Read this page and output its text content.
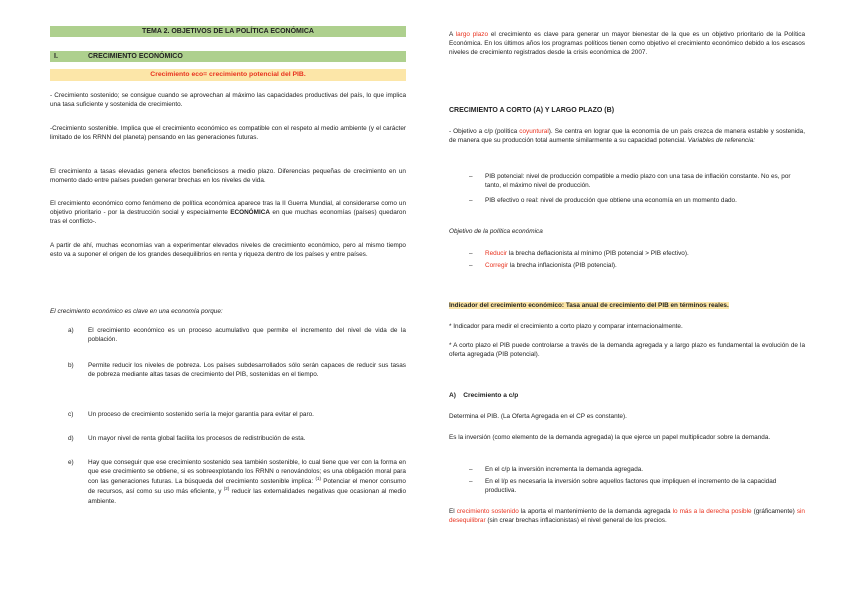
TEMA 2. OBJETIVOS DE LA POLÍTICA ECONÓMICA
I.	CRECIMIENTO ECONÓMICO
Crecimiento eco= crecimiento potencial del PIB.
- Crecimiento sostenido; se consigue cuando se aprovechan al máximo las capacidades productivas del país, lo que implica una tasa suficiente y sostenida de crecimiento.
-Crecimiento sostenible. Implica que el crecimiento económico es compatible con el respeto al medio ambiente (y el carácter limitado de los RRNN del planeta) pensando en las generaciones futuras.
El crecimiento a tasas elevadas genera efectos beneficiosos a medio plazo. Diferencias pequeñas de crecimiento en un momento dado entre países pueden generar brechas en los niveles de vida.
El crecimiento económico como fenómeno de política económica aparece tras la II Guerra Mundial, al considerarse como un objetivo prioritario - por la destrucción social y especialmente ECONÓMICA en que muchas economías (países) quedaron tras el conflicto-.
A partir de ahí, muchas economías van a experimentar elevados niveles de crecimiento económico, pero al mismo tiempo esto va a suponer el origen de los grandes desequilibrios en renta y riqueza dentro de los países y entre países.
El crecimiento económico es clave en una economía porque:
a) El crecimiento económico es un proceso acumulativo que permite el incremento del nivel de vida de la población.
b) Permite reducir los niveles de pobreza. Los países subdesarrollados sólo serán capaces de reducir sus tasas de pobreza mediante altas tasas de crecimiento del PIB, sostenidas en el tiempo.
c) Un proceso de crecimiento sostenido sería la mejor garantía para evitar el paro.
d) Un mayor nivel de renta global facilita los procesos de redistribución de esta.
e) Hay que conseguir que ese crecimiento sostenido sea también sostenible, lo cual tiene que ver con la forma en que ese crecimiento se obtiene, si es sobreexplotando los RRNN o renovándolos; es una obligación moral para con las generaciones futuras. La búsqueda del crecimiento sostenible implica: $^{(1)}$ Potenciar el menor consumo de recursos, así como su uso más eficiente, y $^{(2)}$ reducir las externalidades negativas que ocasionan al medio ambiente.
A largo plazo el crecimiento es clave para generar un mayor bienestar de la que es un objetivo prioritario de la Política Económica. En los últimos años los programas políticos tienen como objetivo el crecimiento económico debido a los escasos niveles de crecimiento registrados desde la crisis económica de 2007.
CRECIMIENTO A CORTO (A) Y LARGO PLAZO (B)
- Objetivo a c/p (política coyuntural). Se centra en lograr que la economía de un país crezca de manera estable y sostenida, de manera que su producción total aumente similarmente a su capacidad potencial. Variables de referencia:
– PIB potencial: nivel de producción compatible a medio plazo con una tasa de inflación constante. No es, por tanto, el máximo nivel de producción.
– PIB efectivo o real: nivel de producción que obtiene una economía en un momento dado.
Objetivo de la política económica
– Reducir la brecha deflacionista al mínimo (PIB potencial > PIB efectivo).
– Corregir la brecha inflacionista (PIB potencial).
Indicador del crecimiento económico: Tasa anual de crecimiento del PIB en términos reales.
* Indicador para medir el crecimiento a corto plazo y comparar internacionalmente.
* A corto plazo el PIB puede controlarse a través de la demanda agregada y a largo plazo es fundamental la evolución de la oferta agregada (PIB potencial).
A) Crecimiento a c/p
Determina el PIB. (La Oferta Agregada en el CP es constante).
Es la inversión (como elemento de la demanda agregada) la que ejerce un papel multiplicador sobre la demanda.
– En el c/p la inversión incrementa la demanda agregada.
– En el l/p es necesaria la inversión sobre aquellos factores que impliquen el incremento de la capacidad productiva.
El crecimiento sostenido la aporta el mantenimiento de la demanda agregada lo más a la derecha posible (gráficamente) sin desequilibrar (sin crear brechas inflacionistas) el nivel general de los precios.
